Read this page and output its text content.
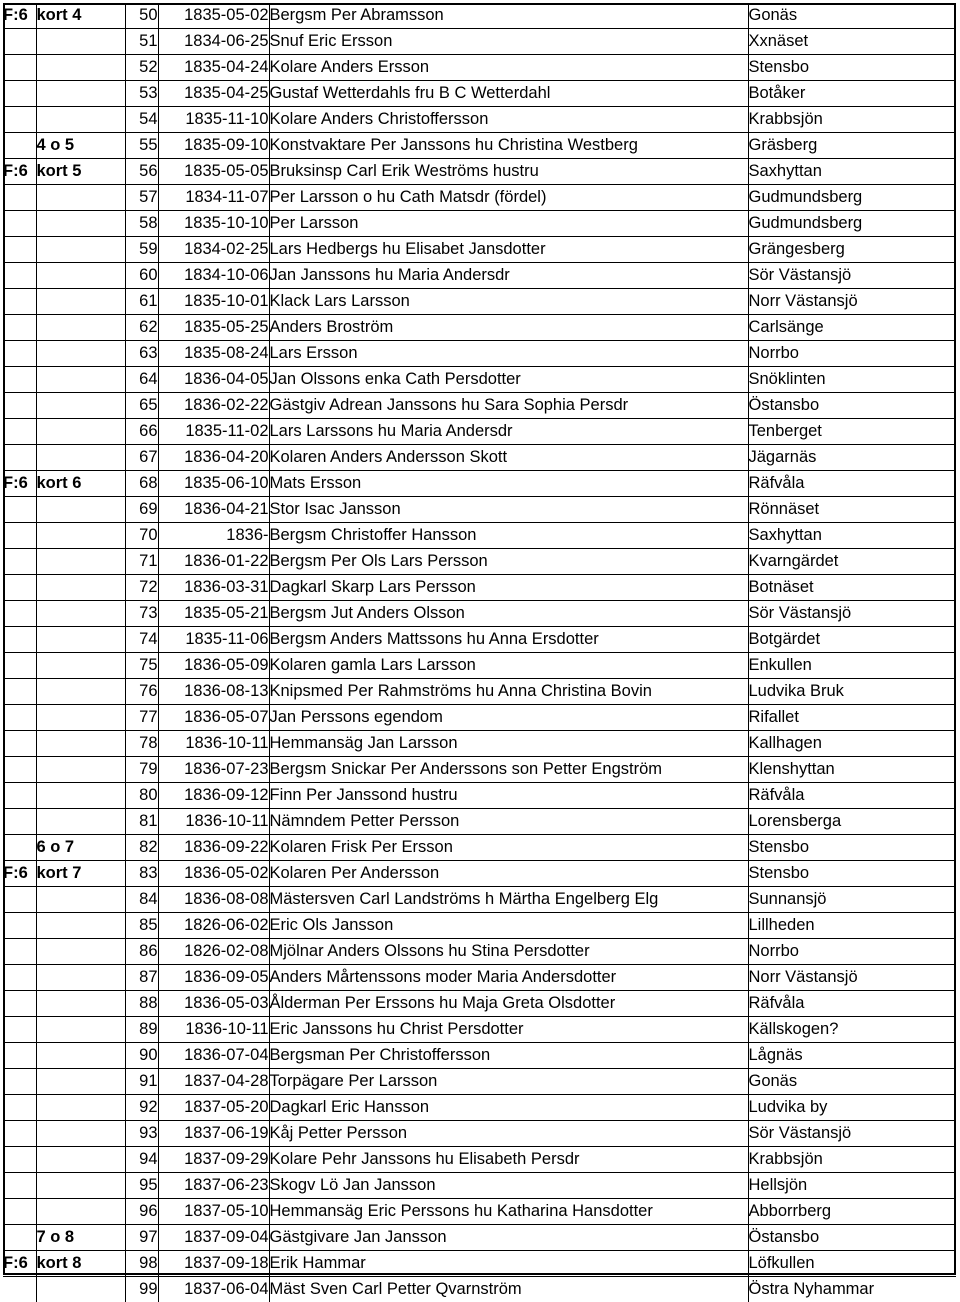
F:6	kort 4	50	1835-05-02	Bergsm Per Abramsson	Gonäs
		51	1834-06-25	Snuf Eric Ersson	Xxnäset
		52	1835-04-24	Kolare Anders Ersson	Stensbo
		53	1835-04-25	Gustaf Wetterdahls fru B C Wetterdahl	Botåker
		54	1835-11-10	Kolare Anders Christoffersson	Krabbsjön
	4 o 5	55	1835-09-10	Konstvaktare Per Janssons hu Christina Westberg	Gräsberg
F:6	kort 5	56	1835-05-05	Bruksinsp Carl Erik Weströms hustru	Saxhyttan
		57	1834-11-07	Per Larsson o hu Cath Matsdr (fördel)	Gudmundsberg
		58	1835-10-10	Per Larsson	Gudmundsberg
		59	1834-02-25	Lars Hedbergs hu Elisabet Jansdotter	Grängesberg
		60	1834-10-06	Jan Janssons hu Maria Andersdr	Sör Västansjö
		61	1835-10-01	Klack Lars Larsson	Norr Västansjö
		62	1835-05-25	Anders Broström	Carlsänge
		63	1835-08-24	Lars Ersson	Norrbo
		64	1836-04-05	Jan Olssons enka Cath Persdotter	Snöklinten
		65	1836-02-22	Gästgiv Adrean Janssons hu Sara Sophia Persdr	Östansbo
		66	1835-11-02	Lars Larssons hu Maria Andersdr	Tenberget
		67	1836-04-20	Kolaren Anders Andersson Skott	Jägarnäs
F:6	kort 6	68	1835-06-10	Mats Ersson	Räfvåla
		69	1836-04-21	Stor Isac Jansson	Rönnäset
		70	1836-	Bergsm Christoffer Hansson	Saxhyttan
		71	1836-01-22	Bergsm Per Ols Lars Persson	Kvarngärdet
		72	1836-03-31	Dagkarl Skarp Lars Persson	Botnäset
		73	1835-05-21	Bergsm Jut Anders Olsson	Sör Västansjö
		74	1835-11-06	Bergsm Anders Mattssons hu Anna Ersdotter	Botgärdet
		75	1836-05-09	Kolaren gamla Lars Larsson	Enkullen
		76	1836-08-13	Knipsmed Per Rahmströms hu Anna Christina Bovin	Ludvika Bruk
		77	1836-05-07	Jan Perssons egendom	Rifallet
		78	1836-10-11	Hemmansäg Jan Larsson	Kallhagen
		79	1836-07-23	Bergsm Snickar Per Anderssons son Petter Engström	Klenshyttan
		80	1836-09-12	Finn Per Janssond hustru	Räfvåla
		81	1836-10-11	Nämndem Petter Persson	Lorensberga
	6 o 7	82	1836-09-22	Kolaren Frisk Per Ersson	Stensbo
F:6	kort 7	83	1836-05-02	Kolaren Per Andersson	Stensbo
		84	1836-08-08	Mästersven Carl Landströms h Märtha Engelberg Elg	Sunnansjö
		85	1826-06-02	Eric Ols Jansson	Lillheden
		86	1826-02-08	Mjölnar Anders Olssons hu Stina Persdotter	Norrbo
		87	1836-09-05	Anders Mårtenssons moder Maria Andersdotter	Norr Västansjö
		88	1836-05-03	Ålderman Per Erssons hu Maja Greta Olsdotter	Räfvåla
		89	1836-10-11	Eric Janssons hu Christ Persdotter	Källskogen?
		90	1836-07-04	Bergsman Per Christoffersson	Lågnäs
		91	1837-04-28	Torpägare Per Larsson	Gonäs
		92	1837-05-20	Dagkarl Eric Hansson	Ludvika by
		93	1837-06-19	Kåj Petter Persson	Sör Västansjö
		94	1837-09-29	Kolare Pehr Janssons hu Elisabeth Persdr	Krabbsjön
		95	1837-06-23	Skogv Lö Jan Jansson	Hellsjön
		96	1837-05-10	Hemmansäg Eric Perssons hu Katharina Hansdotter	Abborrberg
	7 o 8	97	1837-09-04	Gästgivare Jan Jansson	Östansbo
F:6	kort 8	98	1837-09-18	Erik Hammar	Löfkullen
		99	1837-06-04	Mäst Sven Carl Petter Qvarnström	Östra Nyhammar
